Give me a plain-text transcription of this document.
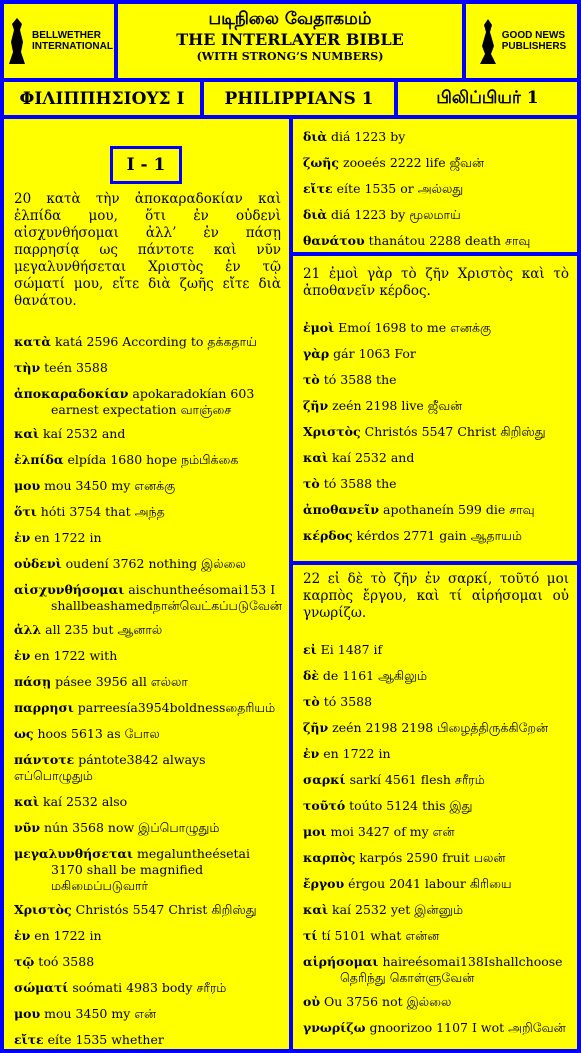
BELLWETHER
INTERNATIONAL
படிநிலை வேதாகமம்
THE INTERLAYER BIBLE
(WITH STRONG’S NUMBERS)
GOOD NEWS
PUBLISHERS
ΦΙΛΙΠΠΗΣΙΟΥΣ Ι	PHILIPPIANS 1	பிலிப்பியர் 1
I - 1
20 κατὰ τὴν ἀποκαραδοκίαν καὶ ἐλπίδα μου, ὅτι ἐν οὐδενὶ αἰσχυνθήσομαι ἀλλ’ ἐν πάσῃ παρρησίᾳ ως πάντοτε καὶ νῦν μεγαλυνθήσεται Χριστὸς ἐν τῷ σώματί μου, εἴτε διὰ ζωῆς εἴτε διὰ θανάτου.
κατὰ katá 2596 According to தக்கதாய்
τὴν teén 3588
ἀποκαραδοκίαν apokaradokían 603 earnest expectation வாஞ்சை
καὶ kaí 2532 and
ἐλπίδα elpída 1680 hope நம்பிக்கை
μου mou 3450 my எனக்கு
ὅτι hóti 3754 that அந்த
ἐν en 1722 in
οὐδενὶ oudení 3762 nothing இல்லை
αἰσχυνθήσομαι aischuntheésomai153 I shallbeashamedநான்வெட்கப்படுவேன்
ἀλλ all 235 but ஆனால்
ἐν en 1722 with
πάσῃ pásee 3956 all எல்லா
παρρησι parreesía3954boldnessதைரியம்
ως hoos 5613 as போல
πάντοτε pántote3842 always எப்பொழுதும்
καὶ kaí 2532 also
νῦν nún 3568 now இப்பொழுதும்
μεγαλυνθήσεται megaluntheésetai 3170 shall be magnified மகிமைப்படுவார்
Χριστὸς Christós 5547 Christ கிறிஸ்து
ἐν en 1722 in
τῷ toó 3588
σώματί soómati 4983 body சரீரம்
μου mou 3450 my என்
εἴτε eíte 1535 whether
διὰ diá 1223 by
ζωῆς zooeés 2222 life ஜீவன்
εἴτε eíte 1535 or அல்லது
διὰ diá 1223 by மூலமாய்
θανάτου thanátou 2288 death சாவு
21 ἐμοὶ γὰρ τὸ ζῆν Χριστὸς καὶ τὸ ἀποθανεῖν κέρδος.
ἐμοὶ Emoí 1698 to me எனக்கு
γὰρ gár 1063 For
τὸ tó 3588 the
ζῆν zeén 2198 live ஜீவன்
Χριστὸς Christós 5547 Christ கிறிஸ்து
καὶ kaí 2532 and
τὸ tó 3588 the
ἀποθανεῖν apothaneín 599 die சாவு
κέρδος kérdos 2771 gain ஆதாயம்
22 εἰ δὲ τὸ ζῆν ἐν σαρκί, τοῦτό μοι καρπὸς ἔργου, καὶ τί αἱρήσομαι οὐ γνωρίζω.
εἰ Ei 1487 if
δὲ de 1161 ஆகிலும்
τὸ tó 3588
ζῆν zeén 2198 2198 பிழைத்திருக்கிறேன்
ἐν en 1722 in
σαρκί sarkí 4561 flesh சரீரம்
τοῦτό toúto 5124 this இது
μοι moi 3427 of my என்
καρπὸς karpós 2590 fruit பலன்
ἔργου érgou 2041 labour கிரியை
καὶ kaí 2532 yet இன்னும்
τί tí 5101 what என்ன
αἱρήσομαι haireésomai138Ishallchoose தெரிந்து கொள்ளுவேன்
οὐ Ou 3756 not இல்லை
γνωρίζω gnoorizoo 1107 I wot அறிவேன்
